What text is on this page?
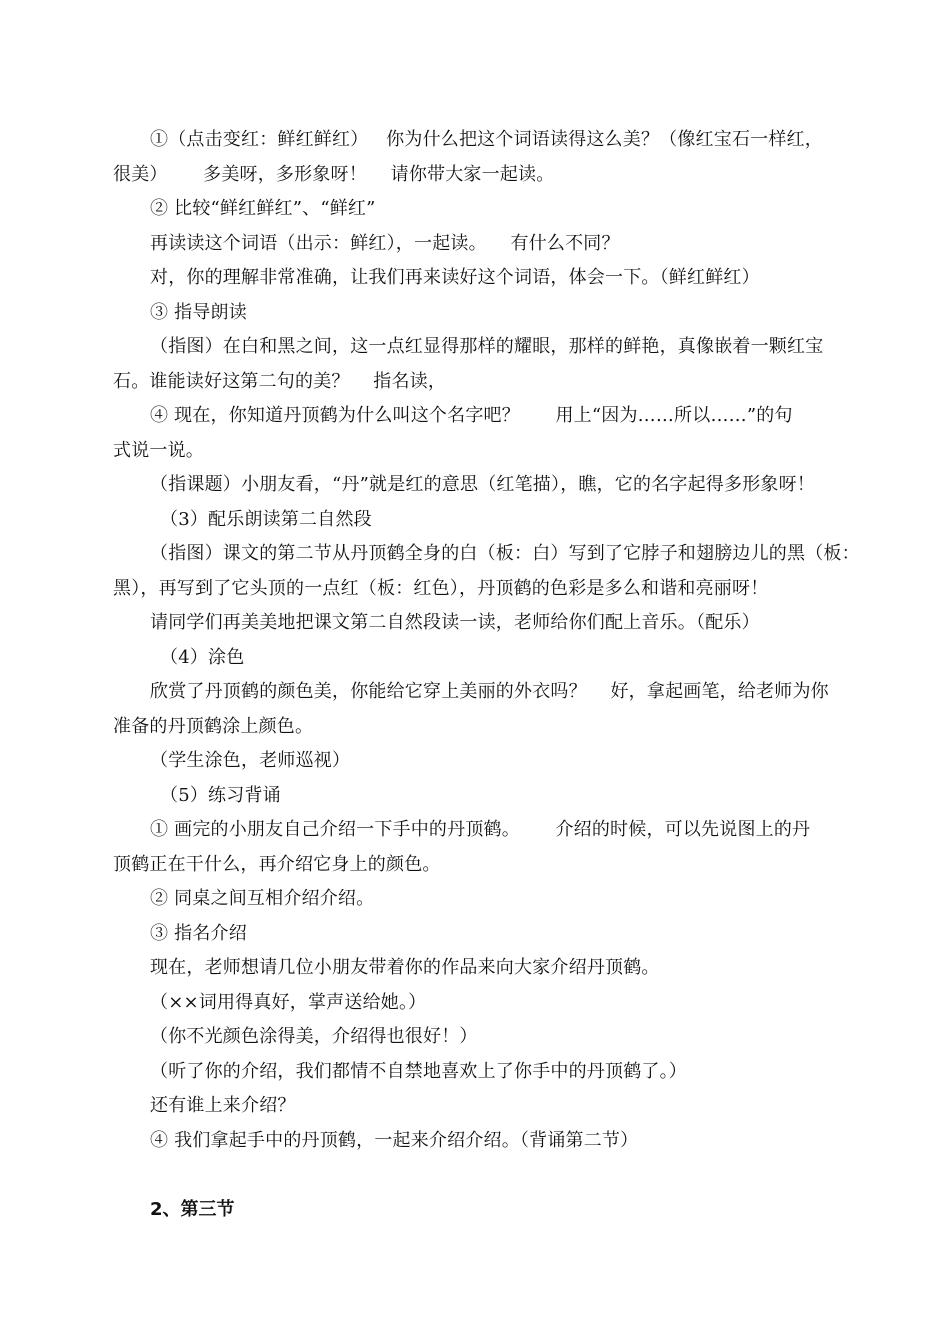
①（点击变红：鲜红鲜红）   你为什么把这个词语读得这么美？（像红宝石一样红，
很美）      多美呀，多形象呀！    请你带大家一起读。
② 比较“鲜红鲜红”、“鲜红”
再读读这个词语（出示：鲜红），一起读。    有什么不同？
对，你的理解非常准确，让我们再来读好这个词语，体会一下。（鲜红鲜红）
③ 指导朗读
（指图）在白和黑之间，这一点红显得那样的耀眼，那样的鲜艳，真像嵌着一颗红宝
石。谁能读好这第二句的美？    指名读，
④ 现在，你知道丹顶鹤为什么叫这个名字吧？      用上“因为……所以……”的句
式说一说。
（指课题）小朋友看，“丹”就是红的意思（红笔描），瞧，它的名字起得多形象呀！
（3）配乐朗读第二自然段
（指图）课文的第二节从丹顶鹤全身的白（板：白）写到了它脖子和翅膀边儿的黑（板：
黑），再写到了它头顶的一点红（板：红色），丹顶鹤的色彩是多么和谐和亮丽呀！
请同学们再美美地把课文第二自然段读一读，老师给你们配上音乐。（配乐）
（4）涂色
欣赏了丹顶鹤的颜色美，你能给它穿上美丽的外衣吗？    好，拿起画笔，给老师为你
准备的丹顶鹤涂上颜色。
（学生涂色，老师巡视）
（5）练习背诵
① 画完的小朋友自己介绍一下手中的丹顶鹤。      介绍的时候，可以先说图上的丹
顶鹤正在干什么，再介绍它身上的颜色。
② 同桌之间互相介绍介绍。
③ 指名介绍
现在，老师想请几位小朋友带着你的作品来向大家介绍丹顶鹤。
（××词用得真好，掌声送给她。）
（你不光颜色涂得美，介绍得也很好！）
（听了你的介绍，我们都情不自禁地喜欢上了你手中的丹顶鹤了。）
还有谁上来介绍？
④ 我们拿起手中的丹顶鹤，一起来介绍介绍。（背诵第二节）
2、第三节
